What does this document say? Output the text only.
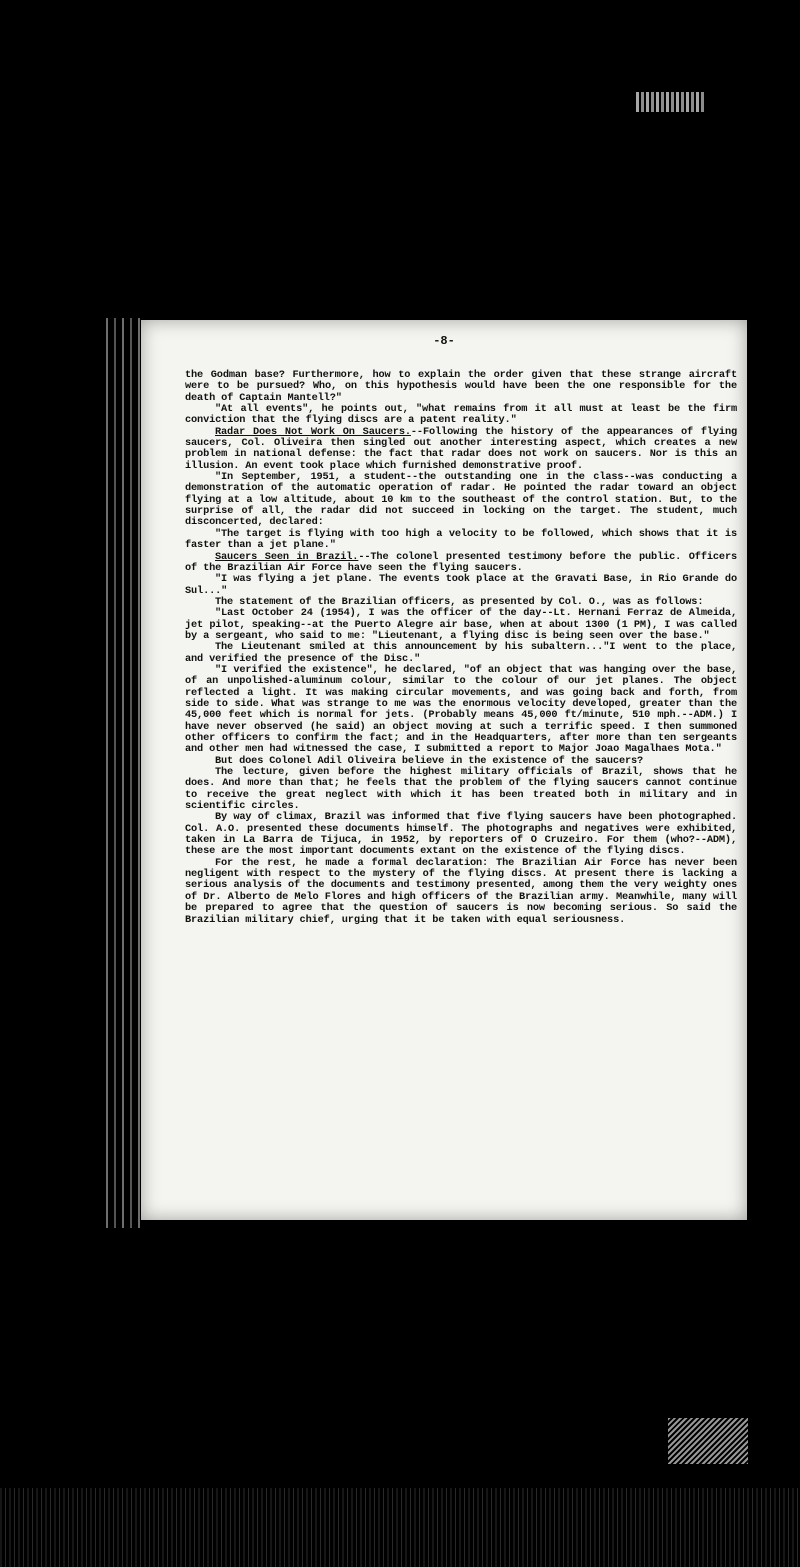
-8-

the Godman base? Furthermore, how to explain the order given that these strange aircraft were to be pursued? Who, on this hypothesis would have been the one responsible for the death of Captain Mantell?"

"At all events", he points out, "what remains from it all must at least be the firm conviction that the flying discs are a patent reality."

Radar Does Not Work On Saucers.--Following the history of the appearances of flying saucers, Col. Oliveira then singled out another interesting aspect, which creates a new problem in national defense: the fact that radar does not work on saucers. Nor is this an illusion. An event took place which furnished demonstrative proof.

"In September, 1951, a student--the outstanding one in the class--was conducting a demonstration of the automatic operation of radar. He pointed the radar toward an object flying at a low altitude, about 10 km to the southeast of the control station. But, to the surprise of all, the radar did not succeed in locking on the target. The student, much disconcerted, declared:

"The target is flying with too high a velocity to be followed, which shows that it is faster than a jet plane."

Saucers Seen in Brazil.--The colonel presented testimony before the public. Officers of the Brazilian Air Force have seen the flying saucers.

"I was flying a jet plane. The events took place at the Gravati Base, in Rio Grande do Sul..."

The statement of the Brazilian officers, as presented by Col. O., was as follows:

"Last October 24 (1954), I was the officer of the day--Lt. Hernani Ferraz de Almeida, jet pilot, speaking--at the Puerto Alegre air base, when at about 1300 (1 PM), I was called by a sergeant, who said to me: "Lieutenant, a flying disc is being seen over the base."

The Lieutenant smiled at this announcement by his subaltern..."I went to the place, and verified the presence of the Disc."

"I verified the existence", he declared, "of an object that was hanging over the base, of an unpolished-aluminum colour, similar to the colour of our jet planes. The object reflected a light. It was making circular movements, and was going back and forth, from side to side. What was strange to me was the enormous velocity developed, greater than the 45,000 feet which is normal for jets. (Probably means 45,000 ft/minute, 510 mph.--ADM.) I have never observed (he said) an object moving at such a terrific speed. I then summoned other officers to confirm the fact; and in the Headquarters, after more than ten sergeants and other men had witnessed the case, I submitted a report to Major Joao Magalhaes Mota."

But does Colonel Adil Oliveira believe in the existence of the saucers?

The lecture, given before the highest military officials of Brazil, shows that he does. And more than that; he feels that the problem of the flying saucers cannot continue to receive the great neglect with which it has been treated both in military and in scientific circles.

By way of climax, Brazil was informed that five flying saucers have been photographed. Col. A.O. presented these documents himself. The photographs and negatives were exhibited, taken in La Barra de Tijuca, in 1952, by reporters of O Cruzeiro. For them (who?--ADM), these are the most important documents extant on the existence of the flying discs.

For the rest, he made a formal declaration: The Brazilian Air Force has never been negligent with respect to the mystery of the flying discs. At present there is lacking a serious analysis of the documents and testimony presented, among them the very weighty ones of Dr. Alberto de Melo Flores and high officers of the Brazilian army. Meanwhile, many will be prepared to agree that the question of saucers is now becoming serious. So said the Brazilian military chief, urging that it be taken with equal seriousness.
